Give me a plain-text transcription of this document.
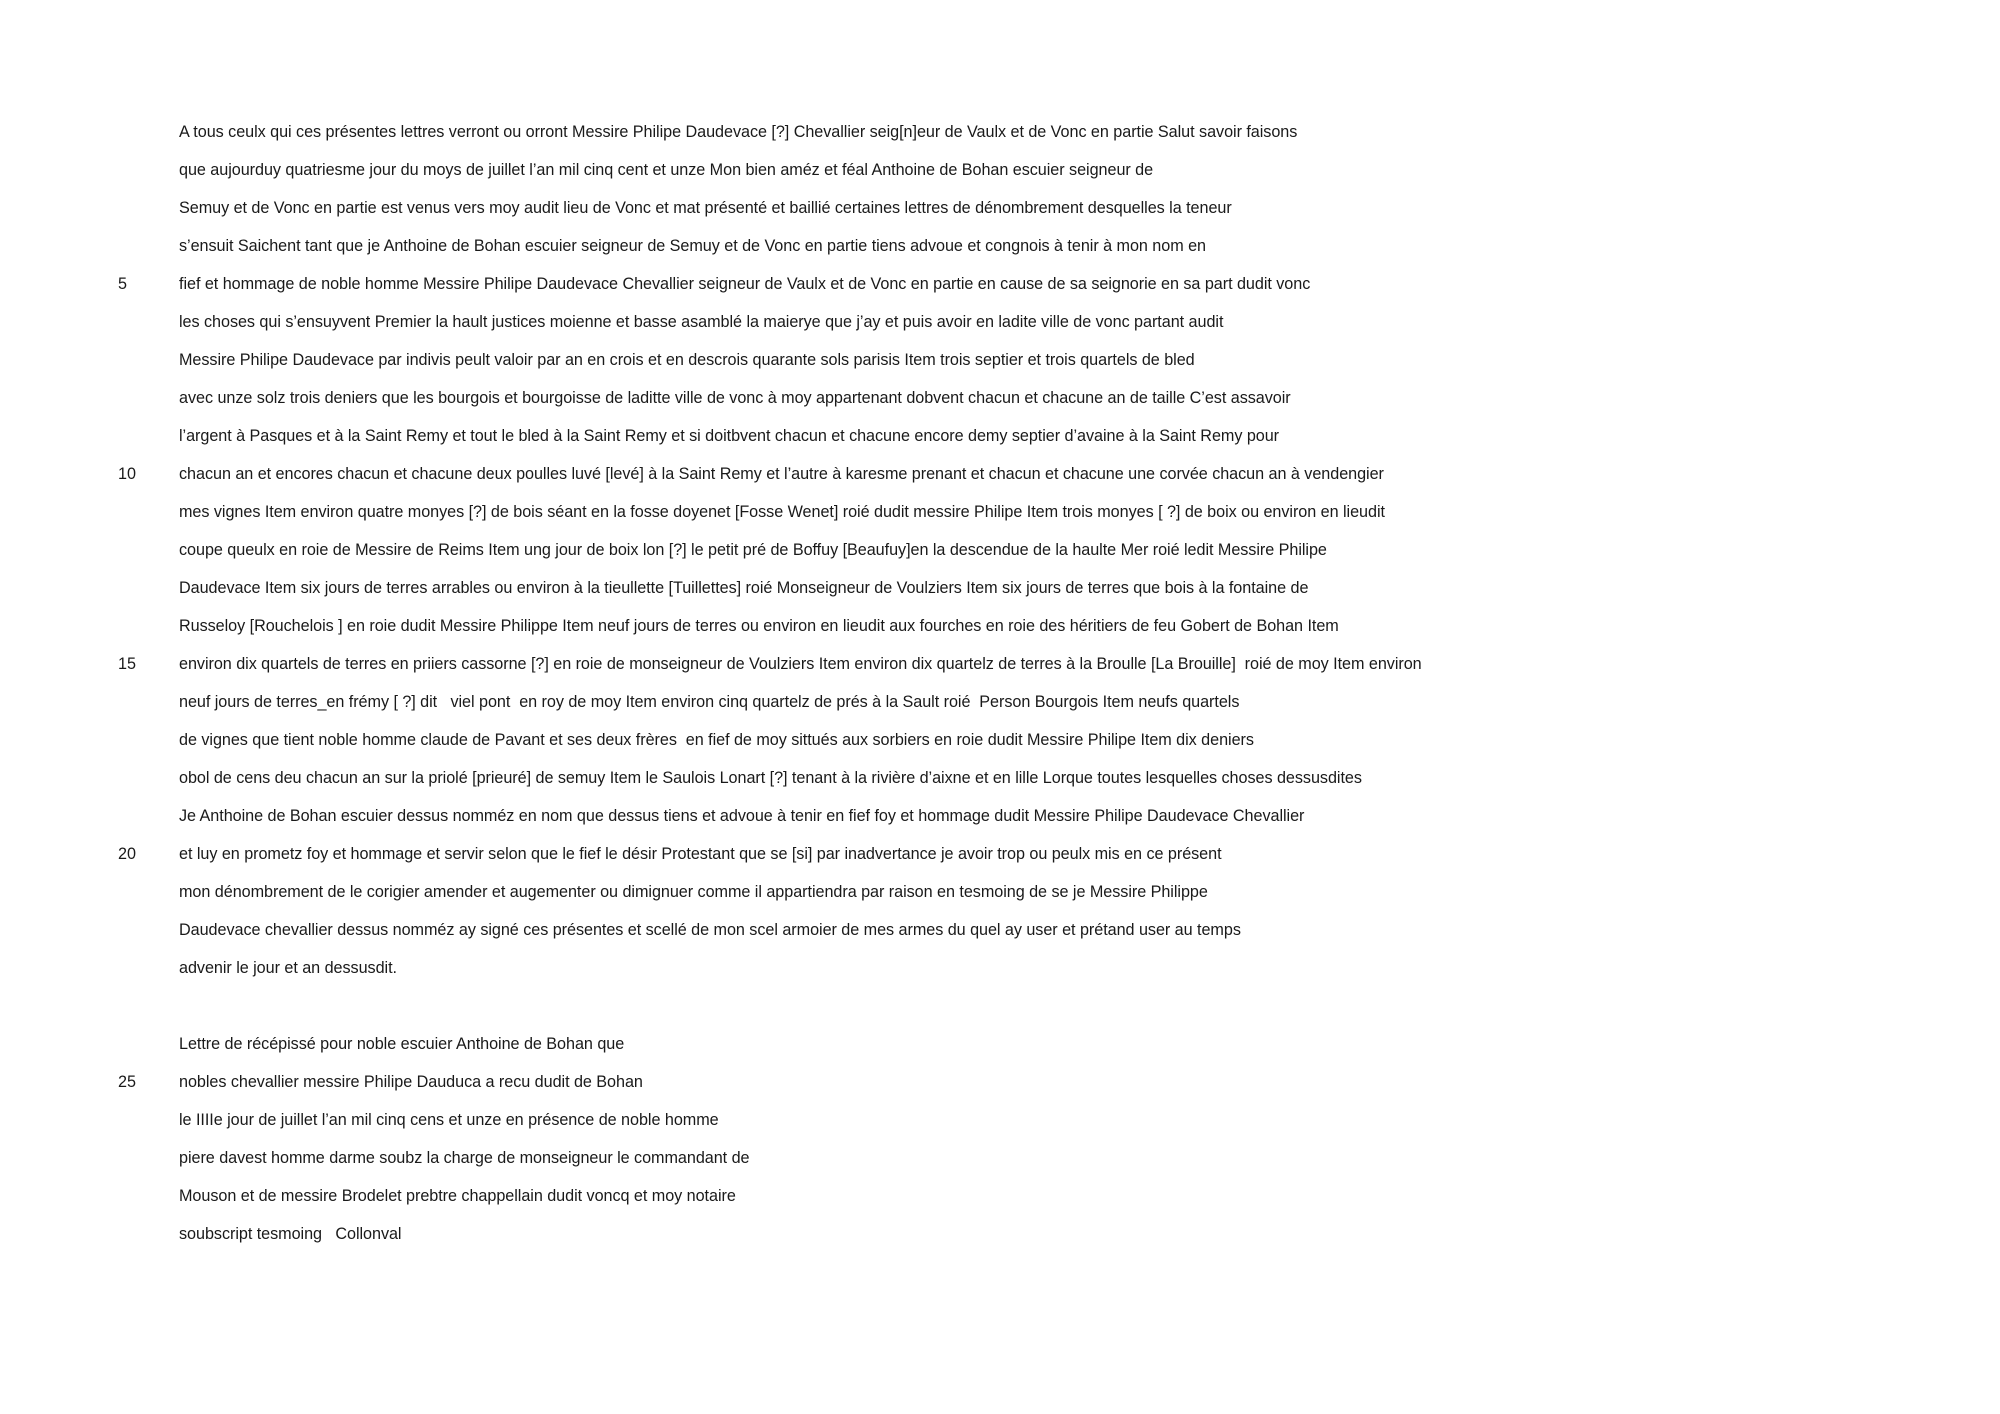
A tous ceulx qui ces présentes lettres verront ou orront Messire Philipe Daudevace [?] Chevallier seig[n]eur de Vaulx et de Vonc en partie Salut savoir faisons
que aujourduy quatriesme jour du moys de juillet l’an mil cinq cent et unze Mon bien améz et féal Anthoine de Bohan escuier seigneur de
Semuy et de Vonc en partie est venus vers moy audit lieu de Vonc et mat présenté et baillié certaines lettres de dénombrement desquelles la teneur
s’ensuit Saichent tant que je Anthoine de Bohan escuier seigneur de Semuy et de Vonc en partie tiens advoue et congnois à tenir à mon nom en
5	fief et hommage de noble homme Messire Philipe Daudevace Chevallier seigneur de Vaulx et de Vonc en partie en cause de sa seignorie en sa part dudit vonc
les choses qui s’ensuyvent Premier la hault justices moienne et basse asamblé la maierye que j’ay et puis avoir en ladite ville de vonc partant audit
Messire Philipe Daudevace par indivis peult valoir par an en crois et en descrois quarante sols parisis Item trois septier et trois quartels de bled
avec unze solz trois deniers que les bourgois et bourgoisse de laditte ville de vonc à moy appartenant dobvent chacun et chacune an de taille C’est assavoir
l’argent à Pasques et à la Saint Remy et tout le bled à la Saint Remy et si doitbvent chacun et chacune encore demy septier d’avaine à la Saint Remy pour
10	chacun an et encores chacun et chacune deux poulles luvé [levé] à la Saint Remy et l’autre à karesme prenant et chacun et chacune une corvée chacun an à vendengier
mes vignes Item environ quatre monyes [?] de bois séant en la fosse doyenet [Fosse Wenet] roié dudit messire Philipe Item trois monyes [ ?] de boix ou environ en lieudit
coupe queulx en roie de Messire de Reims Item ung jour de boix lon [?] le petit pré de Boffuy [Beaufuy]en la descendue de la haulte Mer roié ledit Messire Philipe
Daudevace Item six jours de terres arrables ou environ à la tieullette [Tuillettes] roié Monseigneur de Voulziers Item six jours de terres que bois à la fontaine de
Russeloy [Rouchelois ] en roie dudit Messire Philippe Item neuf jours de terres ou environ en lieudit aux fourches en roie des héritiers de feu Gobert de Bohan Item
15	environ dix quartels de terres en priiers cassorne [?] en roie de monseigneur de Voulziers Item environ dix quartelz de terres à la Broulle [La Brouille]  roié de moy Item environ
neuf jours de terres_en frémy [ ?] dit   viel pont  en roy de moy Item environ cinq quartelz de prés à la Sault roié  Person Bourgois Item neufs quartels
de vignes que tient noble homme claude de Pavant et ses deux frères  en fief de moy sittués aux sorbiers en roie dudit Messire Philipe Item dix deniers
obol de cens deu chacun an sur la priolé [prieuré] de semuy Item le Saulois Lonart [?] tenant à la rivière d’aixne et en lille Lorque toutes lesquelles choses dessusdites
Je Anthoine de Bohan escuier dessus nomméz en nom que dessus tiens et advoue à tenir en fief foy et hommage dudit Messire Philipe Daudevace Chevallier
20	et luy en prometz foy et hommage et servir selon que le fief le désir Protestant que se [si] par inadvertance je avoir trop ou peulx mis en ce présent
mon dénombrement de le corigier amender et augementer ou dimignuer comme il appartiendra par raison en tesmoing de se je Messire Philippe
Daudevace chevallier dessus nomméz ay signé ces présentes et scellé de mon scel armoier de mes armes du quel ay user et prétand user au temps
advenir le jour et an dessusdit.
Lettre de récépissé pour noble escuier Anthoine de Bohan que
25	nobles chevallier messire Philipe Dauduca a recu dudit de Bohan
le IIIIe jour de juillet l’an mil cinq cens et unze en présence de noble homme
piere davest homme darme soubz la charge de monseigneur le commandant de
Mouson et de messire Brodelet prebtre chappellain dudit voncq et moy notaire
soubscript tesmoing   Collonval
